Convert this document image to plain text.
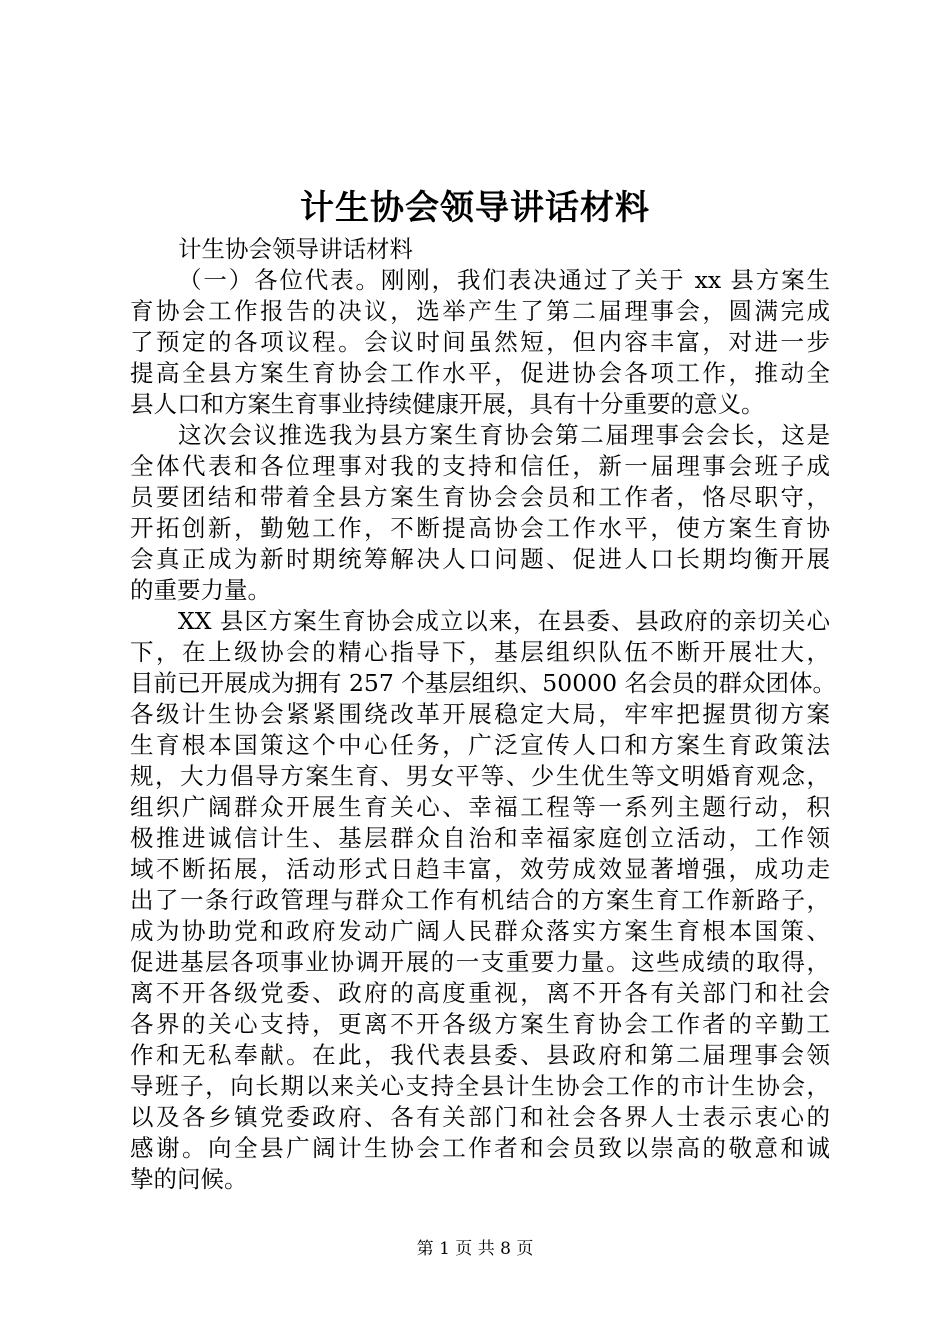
计生协会领导讲话材料
计生协会领导讲话材料
（一）各位代表。刚刚，我们表决通过了关于 xx 县方案生
育协会工作报告的决议，选举产生了第二届理事会，圆满完成
了预定的各项议程。会议时间虽然短，但内容丰富，对进一步
提高全县方案生育协会工作水平，促进协会各项工作，推动全
县人口和方案生育事业持续健康开展，具有十分重要的意义。
这次会议推选我为县方案生育协会第二届理事会会长，这是
全体代表和各位理事对我的支持和信任，新一届理事会班子成
员要团结和带着全县方案生育协会会员和工作者，恪尽职守，
开拓创新，勤勉工作，不断提高协会工作水平，使方案生育协
会真正成为新时期统筹解决人口问题、促进人口长期均衡开展
的重要力量。
XX 县区方案生育协会成立以来，在县委、县政府的亲切关心
下，在上级协会的精心指导下，基层组织队伍不断开展壮大，
目前已开展成为拥有 257 个基层组织、50000 名会员的群众团体。
各级计生协会紧紧围绕改革开展稳定大局，牢牢把握贯彻方案
生育根本国策这个中心任务，广泛宣传人口和方案生育政策法
规，大力倡导方案生育、男女平等、少生优生等文明婚育观念，
组织广阔群众开展生育关心、幸福工程等一系列主题行动，积
极推进诚信计生、基层群众自治和幸福家庭创立活动，工作领
域不断拓展，活动形式日趋丰富，效劳成效显著增强，成功走
出了一条行政管理与群众工作有机结合的方案生育工作新路子，
成为协助党和政府发动广阔人民群众落实方案生育根本国策、
促进基层各项事业协调开展的一支重要力量。这些成绩的取得，
离不开各级党委、政府的高度重视，离不开各有关部门和社会
各界的关心支持，更离不开各级方案生育协会工作者的辛勤工
作和无私奉献。在此，我代表县委、县政府和第二届理事会领
导班子，向长期以来关心支持全县计生协会工作的市计生协会，
以及各乡镇党委政府、各有关部门和社会各界人士表示衷心的
感谢。向全县广阔计生协会工作者和会员致以崇高的敬意和诚
挚的问候。
第 1 页 共 8 页
